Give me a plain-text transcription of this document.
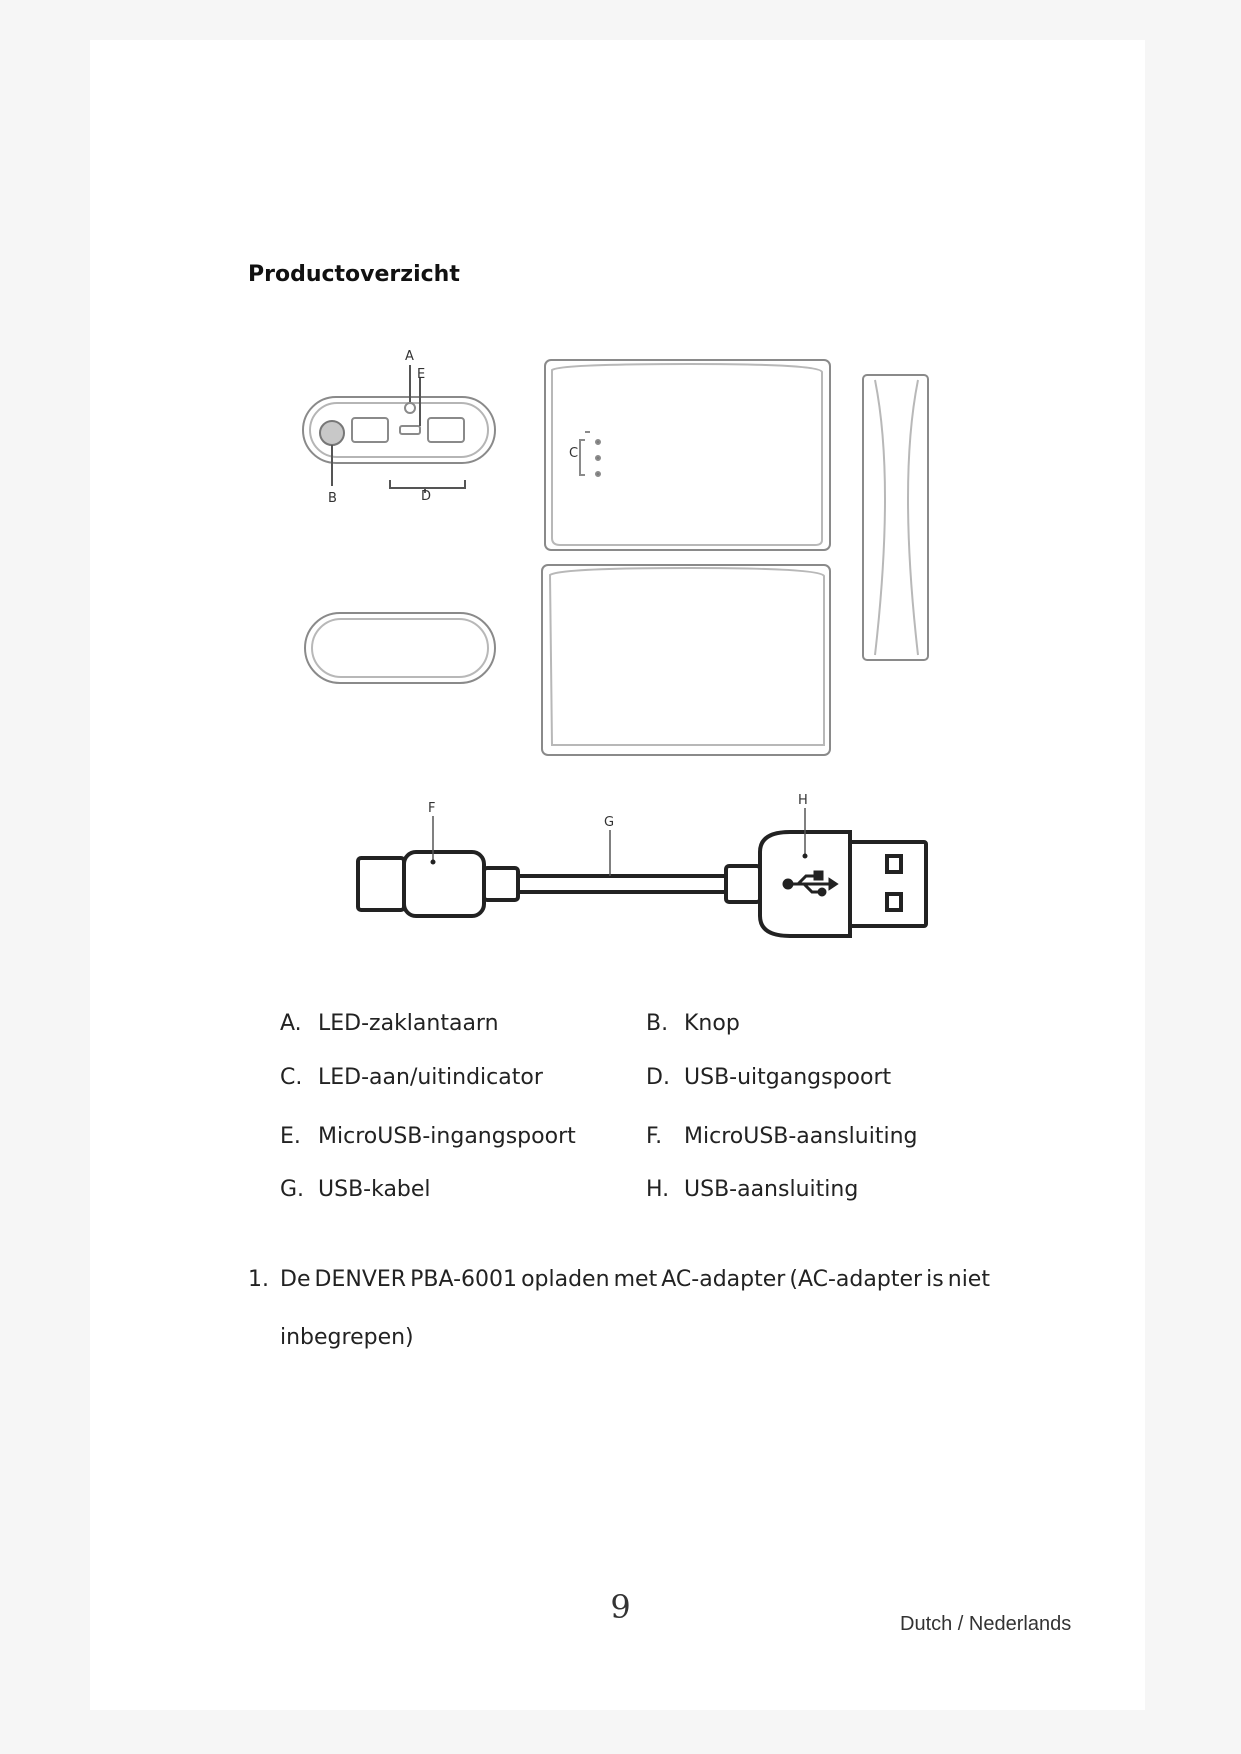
Productoverzicht
A
E
B	D
C
F
G
H
A. LED-zaklantaarn	B. Knop
C. LED-aan/uitindicator	D. USB-uitgangspoort
E. MicroUSB-ingangspoort	F. MicroUSB-aansluiting
G. USB-kabel	H. USB-aansluiting
1. De DENVER PBA-6001 opladen met AC-adapter (AC-adapter is niet
inbegrepen)
9	Dutch / Nederlands
